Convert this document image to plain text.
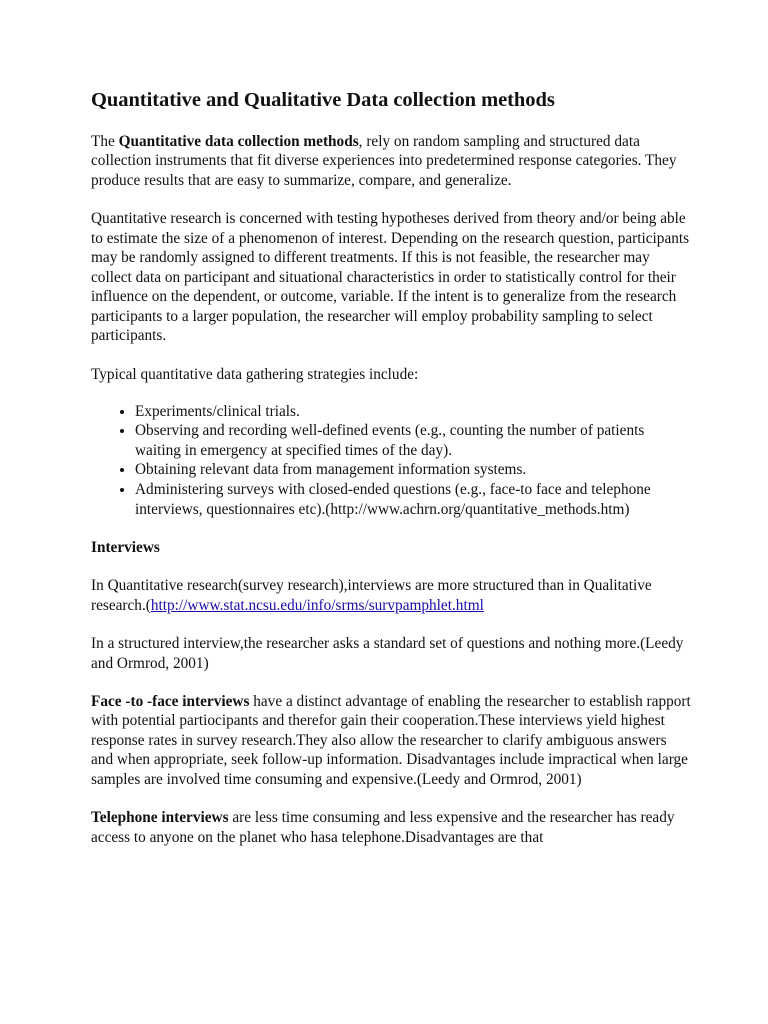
Quantitative and Qualitative Data collection methods

The Quantitative data collection methods, rely on random sampling and structured data collection instruments that fit diverse experiences into predetermined response categories. They produce results that are easy to summarize, compare, and generalize.

Quantitative research is concerned with testing hypotheses derived from theory and/or being able to estimate the size of a phenomenon of interest. Depending on the research question, participants may be randomly assigned to different treatments. If this is not feasible, the researcher may collect data on participant and situational characteristics in order to statistically control for their influence on the dependent, or outcome, variable. If the intent is to generalize from the research participants to a larger population, the researcher will employ probability sampling to select participants.

Typical quantitative data gathering strategies include:

• Experiments/clinical trials.
• Observing and recording well-defined events (e.g., counting the number of patients waiting in emergency at specified times of the day).
• Obtaining relevant data from management information systems.
• Administering surveys with closed-ended questions (e.g., face-to face and telephone interviews, questionnaires etc).(http://www.achrn.org/quantitative_methods.htm)
Interviews

In Quantitative research(survey research),interviews are more structured than in Qualitative research.(http://www.stat.ncsu.edu/info/srms/survpamphlet.html

In a structured interview,the researcher asks a standard set of questions and nothing more.(Leedy and Ormrod, 2001)

Face -to -face interviews have a distinct advantage of enabling the researcher to establish rapport with potential partiocipants and therefor gain their cooperation.These interviews yield highest response rates in survey research.They also allow the researcher to clarify ambiguous answers and when appropriate, seek follow-up information. Disadvantages include impractical when large samples are involved time consuming and expensive.(Leedy and Ormrod, 2001)

Telephone interviews are less time consuming and less expensive and the researcher has ready access to anyone on the planet who hasa telephone.Disadvantages are that
